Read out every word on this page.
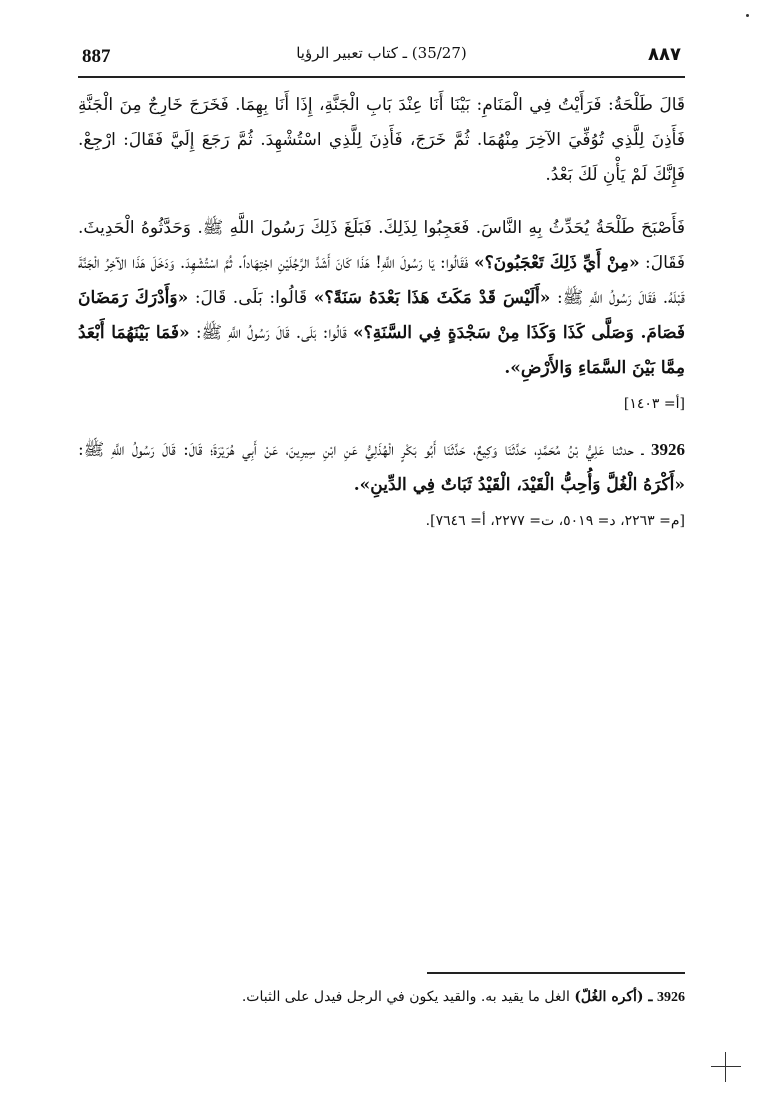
887	(35/27) ـ كتاب تعبير الرؤيا	٨٨٧

قَالَ طَلْحَةُ: فَرَأَيْتُ فِي الْمَنَامِ: بَيْنَا أَنَا عِنْدَ بَابِ الْجَنَّةِ، إِذَا أَنَا بِهِمَا. فَخَرَجَ خَارِجٌ مِنَ الْجَنَّةِ فَأَذِنَ لِلَّذِي تُوُفِّيَ الآخِرَ مِنْهُمَا. ثُمَّ خَرَجَ، فَأَذِنَ لِلَّذِي اسْتُشْهِدَ. ثُمَّ رَجَعَ إِلَيَّ فَقَالَ: ارْجِعْ. فَإِنَّكَ لَمْ يَأْنِ لَكَ بَعْدُ.

فَأَصْبَحَ طَلْحَةُ يُحَدِّثُ بِهِ النَّاسَ. فَعَجِبُوا لِذَلِكَ. فَبَلَغَ ذَلِكَ رَسُولَ اللَّهِ ﷺ. وَحَدَّثُوهُ الْحَدِيثَ. فَقَالَ: «مِنْ أَيِّ ذَلِكَ تَعْجَبُونَ؟» فَقَالُوا: يَا رَسُولَ اللَّهِ! هَذَا كَانَ أَشَدَّ الرَّجُلَيْنِ اجْتِهَاداً. ثُمَّ اسْتُشْهِدَ. وَدَخَلَ هَذَا الآخِرُ الْجَنَّةَ قَبْلَهُ. فَقَالَ رَسُولُ اللَّهِ ﷺ: «أَلَيْسَ قَدْ مَكَثَ هَذَا بَعْدَهُ سَنَةً؟» قَالُوا: بَلَى. قَالَ: «وَأَدْرَكَ رَمَضَانَ فَصَامَ. وَصَلَّى كَذَا وَكَذَا مِنْ سَجْدَةٍ فِي السَّنَةِ؟» قَالُوا: بَلَى. قَالَ رَسُولُ اللَّهِ ﷺ: «فَمَا بَيْنَهُمَا أَبْعَدُ مِمَّا بَيْنَ السَّمَاءِ وَالأَرْضِ».

[أ= ١٤٠٣]

3926 ـ حدثنا عَلِيُّ بْنُ مُحَمَّدٍ، حَدَّثَنَا وَكِيعٌ، حَدَّثَنَا أَبُو بَكْرٍ الْهُذَلِيُّ عَنِ ابْنِ سِيرِينَ، عَنْ أَبِي هُرَيْرَةَ؛ قَالَ: قَالَ رَسُولُ اللَّهِ ﷺ: «أَكْرَهُ الْغُلَّ وَأُحِبُّ الْقَيْدَ، الْقَيْدُ ثَبَاتٌ فِي الدِّينِ».

[م= ٢٢٦٣، د= ٥٠١٩، ت= ٢٢٧٧، أ= ٧٦٤٦].
3926 ـ (أكره الغُلّ) الغل ما يقيد به. والقيد يكون في الرجل فيدل على الثبات.
